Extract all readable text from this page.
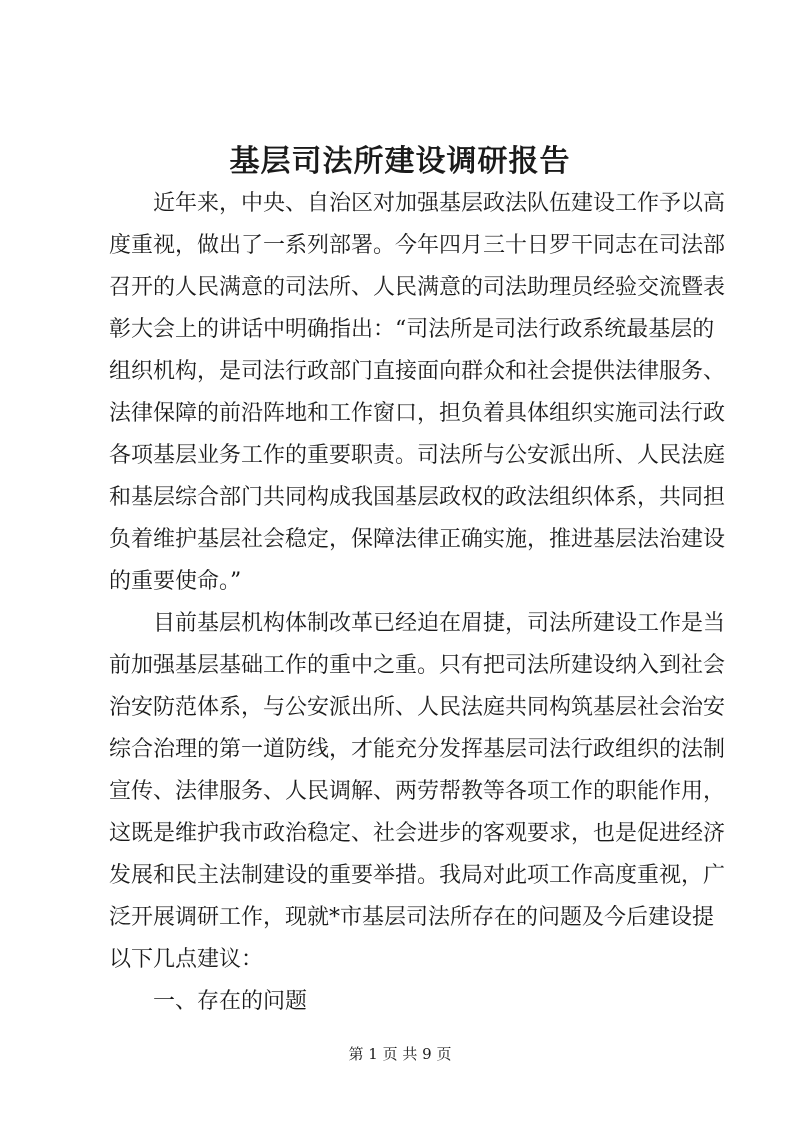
基层司法所建设调研报告
近年来，中央、自治区对加强基层政法队伍建设工作予以高
度重视，做出了一系列部署。今年四月三十日罗干同志在司法部
召开的人民满意的司法所、人民满意的司法助理员经验交流暨表
彰大会上的讲话中明确指出：“司法所是司法行政系统最基层的
组织机构，是司法行政部门直接面向群众和社会提供法律服务、
法律保障的前沿阵地和工作窗口，担负着具体组织实施司法行政
各项基层业务工作的重要职责。司法所与公安派出所、人民法庭
和基层综合部门共同构成我国基层政权的政法组织体系，共同担
负着维护基层社会稳定，保障法律正确实施，推进基层法治建设
的重要使命。”
目前基层机构体制改革已经迫在眉捷，司法所建设工作是当
前加强基层基础工作的重中之重。只有把司法所建设纳入到社会
治安防范体系，与公安派出所、人民法庭共同构筑基层社会治安
综合治理的第一道防线，才能充分发挥基层司法行政组织的法制
宣传、法律服务、人民调解、两劳帮教等各项工作的职能作用，
这既是维护我市政治稳定、社会进步的客观要求，也是促进经济
发展和民主法制建设的重要举措。我局对此项工作高度重视，广
泛开展调研工作，现就*市基层司法所存在的问题及今后建设提
以下几点建议：
一、存在的问题
第 1 页 共 9 页
